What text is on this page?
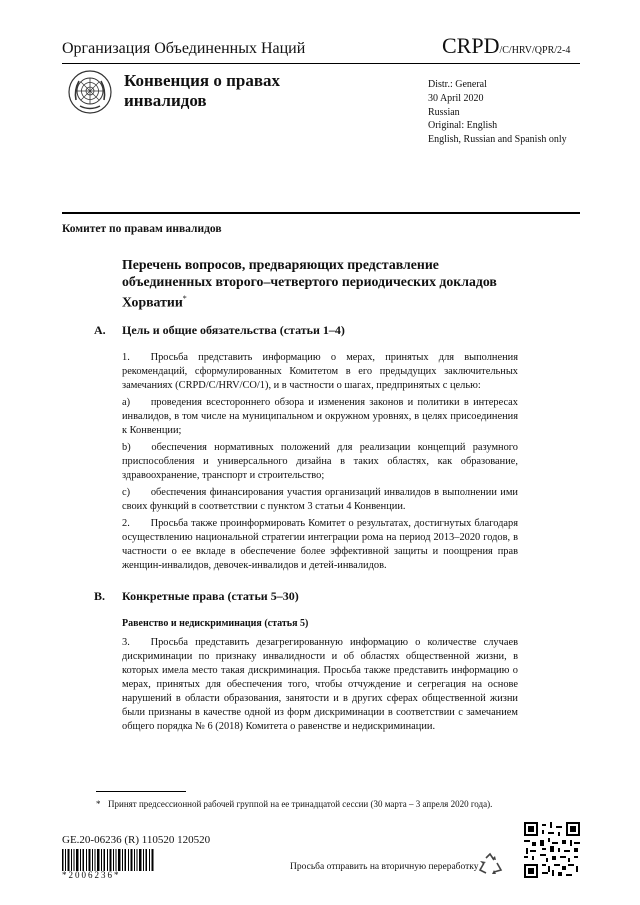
Организация Объединенных Наций	CRPD/C/HRV/QPR/2-4
Конвенция о правах
инвалидов
Distr.: General
30 April 2020
Russian
Original: English
English, Russian and Spanish only
Комитет по правам инвалидов
Перечень вопросов, предваряющих представление объединенных второго–четвертого периодических докладов Хорватии*
A. Цель и общие обязательства (статьи 1–4)
1.  Просьба представить информацию о мерах, принятых для выполнения рекомендаций, сформулированных Комитетом в его предыдущих заключительных замечаниях (CRPD/C/HRV/CO/1), и в частности о шагах, предпринятых с целью:
a)  проведения всестороннего обзора и изменения законов и политики в интересах инвалидов, в том числе на муниципальном и окружном уровнях, в целях присоединения к Конвенции;
b)  обеспечения нормативных положений для реализации концепций разумного приспособления и универсального дизайна в таких областях, как образование, здравоохранение, транспорт и строительство;
c)  обеспечения финансирования участия организаций инвалидов в выполнении ими своих функций в соответствии с пунктом 3 статьи 4 Конвенции.
2.  Просьба также проинформировать Комитет о результатах, достигнутых благодаря осуществлению национальной стратегии интеграции рома на период 2013–2020 годов, в частности о ее вкладе в обеспечение более эффективной защиты и поощрения прав женщин-инвалидов, девочек-инвалидов и детей-инвалидов.
B. Конкретные права (статьи 5–30)
Равенство и недискриминация (статья 5)
3.  Просьба представить дезагрегированную информацию о количестве случаев дискриминации по признаку инвалидности и об областях общественной жизни, в которых имела место такая дискриминация. Просьба также представить информацию о мерах, принятых для обеспечения того, чтобы отчуждение и сегрегация на основе нарушений в области образования, занятости и в других сферах общественной жизни были признаны в качестве одной из форм дискриминации в соответствии с замечанием общего порядка № 6 (2018) Комитета о равенстве и недискриминации.
* Принят предсессионной рабочей группой на ее тринадцатой сессии (30 марта – 3 апреля 2020 года).
GE.20-06236 (R) 110520 120520
*2006236*
Просьба отправить на вторичную переработку
